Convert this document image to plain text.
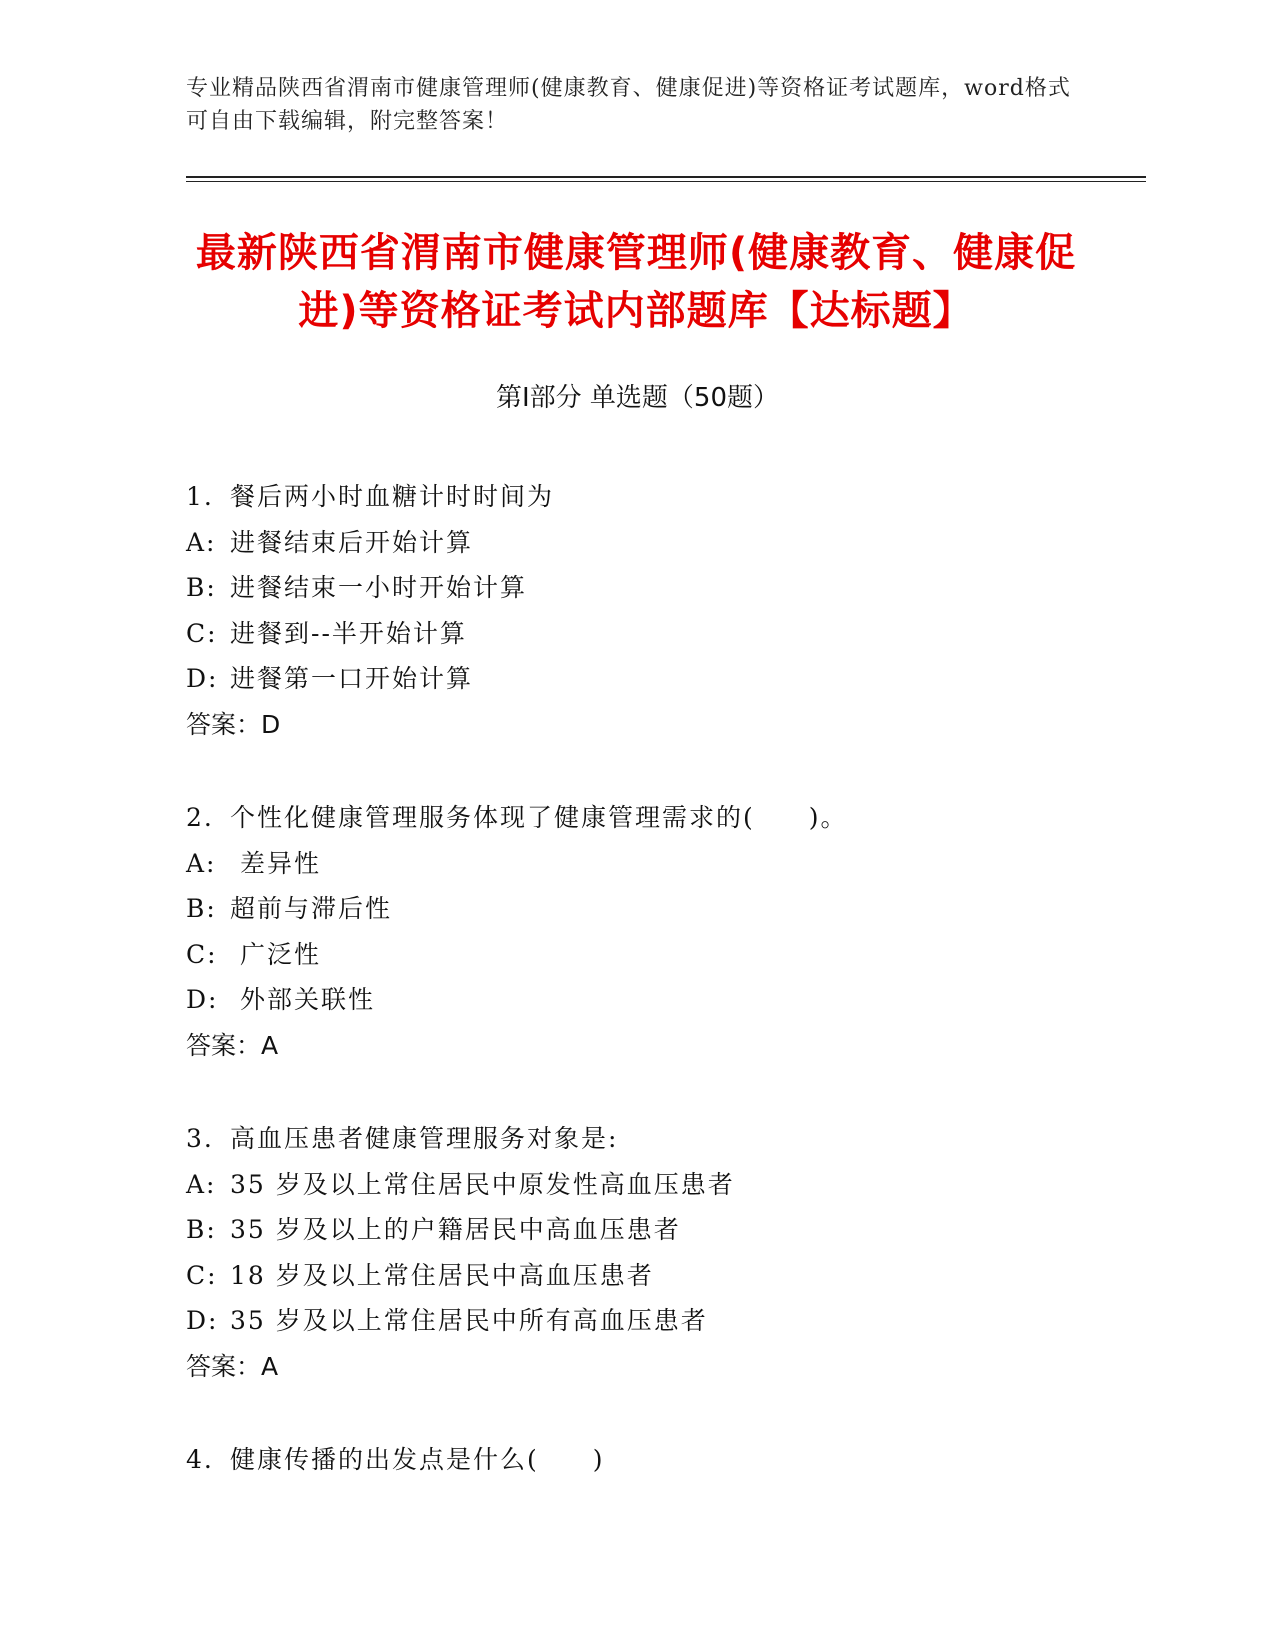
专业精品陕西省渭南市健康管理师(健康教育、健康促进)等资格证考试题库，word格式可自由下载编辑，附完整答案！
最新陕西省渭南市健康管理师(健康教育、健康促进)等资格证考试内部题库【达标题】
第Ⅰ部分 单选题（50题）
1. 餐后两小时血糖计时时间为
A: 进餐结束后开始计算
B: 进餐结束一小时开始计算
C: 进餐到--半开始计算
D: 进餐第一口开始计算
答案：D
2. 个性化健康管理服务体现了健康管理需求的(　　)。
A: 差异性
B: 超前与滞后性
C: 广泛性
D: 外部关联性
答案：A
3. 高血压患者健康管理服务对象是:
A: 35 岁及以上常住居民中原发性高血压患者
B: 35 岁及以上的户籍居民中高血压患者
C: 18 岁及以上常住居民中高血压患者
D: 35 岁及以上常住居民中所有高血压患者
答案：A
4. 健康传播的出发点是什么(　　)
